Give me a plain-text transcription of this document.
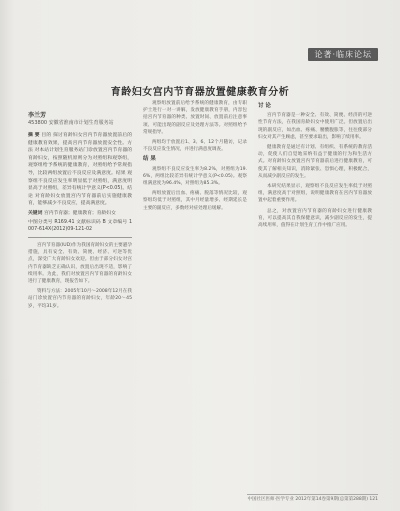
论著·临床论坛
育龄妇女宫内节育器放置健康教育分析
李兰芳
453800 安徽省淮南市计划生育服务站
摘 要 目的 探讨育龄妇女宫内节育器放置前后的健康教育效果，提高宫内节育器放置安全性。方法 对本站计划生育服务站门诊放置宫内节育器的育龄妇女，按照随机原则分为对照组和观察组，观察组给予系统的健康教育，对照组给予常规指导，比较两组放置后不良反应及满意度。结果 观察组不良反应发生率明显低于对照组，满意度明显高于对照组，差异有统计学意义(P<0.05)。结论 对育龄妇女放置宫内节育器前后实施健康教育，能够减少不良反应，提高满意度。
关键词 宫内节育器；健康教育；育龄妇女
中图分类号 R169.41 文献标识码 B 文章编号 1007-614X(2012)09-121-02

宫内节育器(IUD)作为我国育龄妇女的主要避孕措施，具有安全、有效、简便、经济、可逆等优点，深受广大育龄妇女欢迎。但由于部分妇女对宫内节育器缺乏正确认识，放置后出现不适，影响了续用率。为此，我们对放置宫内节育器的育龄妇女进行了健康教育，现报告如下。

资料与方法：2005年10月～2008年12月在我站门诊放置宫内节育器的育龄妇女，年龄20～45岁，平均31岁。

观察组放置前后给予系统的健康教育，由专职护士进行一对一讲解，发放健康教育手册，内容包括宫内节育器的种类、放置时间、放置前后注意事项、可能出现的副反应及处理方法等。对照组给予常规指导。

两组均于放置后1、3、6、12个月随访，记录不良反应发生情况，并进行满意度调查。

结 果

观察组不良反应发生率为8.2%，对照组为19.6%，两组比较差异有统计学意义(P<0.05)。观察组满意度为96.4%，对照组为85.3%。

两组放置后出血、疼痛、脱落等情况比较，观察组均低于对照组，其中月经量增多、经期延长是主要的副反应，多数经对症处理后缓解。

讨 论

宫内节育器是一种安全、有效、简便、经济的可逆性节育方法，在我国育龄妇女中使用广泛。但放置后出现的副反应，如出血、疼痛、腰酸腹胀等，往往使部分妇女对其产生顾虑，甚至要求取出，影响了续用率。

健康教育是通过有计划、有组织、有系统的教育活动，促使人们自觉地采纳有益于健康的行为和生活方式。对育龄妇女放置宫内节育器前后进行健康教育，可使其了解相关知识，消除紧张、恐惧心理，积极配合，从而减少副反应的发生。

本研究结果显示，观察组不良反应发生率低于对照组，满意度高于对照组，说明健康教育在宫内节育器放置中起着重要作用。

总之，对放置宫内节育器的育龄妇女进行健康教育，可以提高其自我保健意识，减少副反应的发生，提高续用率，值得在计划生育工作中推广应用。

中国社区医师·医学专业 2012年第14卷第9期(总第第288期) 121
